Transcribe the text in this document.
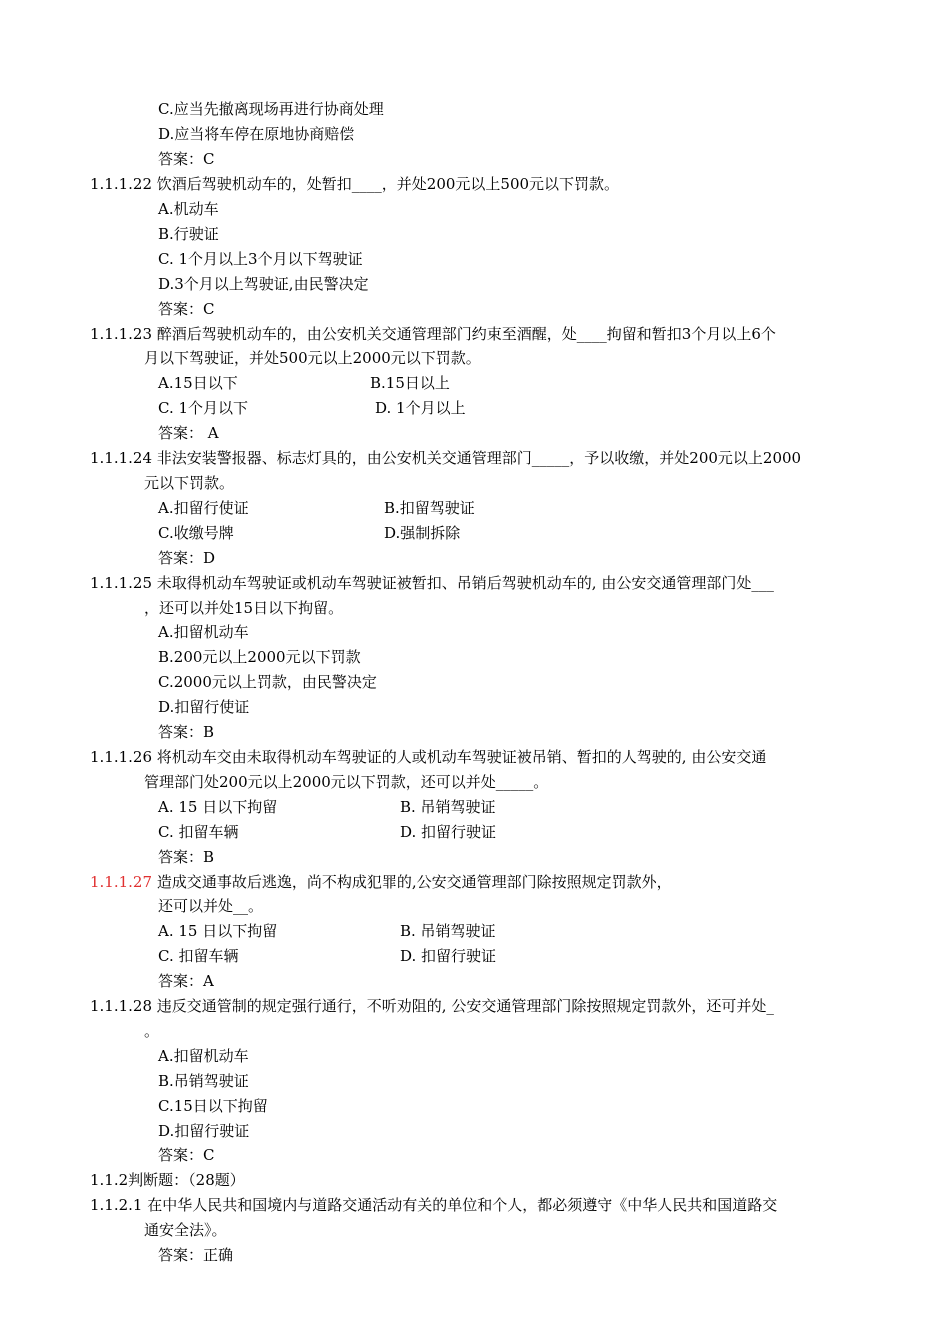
C.应当先撤离现场再进行协商处理
D.应当将车停在原地协商赔偿
答案：C
1.1.1.22 饮酒后驾驶机动车的，处暂扣____，并处200元以上500元以下罚款。
A.机动车
B.行驶证
C. 1个月以上3个月以下驾驶证
D.3个月以上驾驶证,由民警决定
答案：C
1.1.1.23 醉酒后驾驶机动车的，由公安机关交通管理部门约束至酒醒，处____拘留和暂扣3个月以上6个
月以下驾驶证，并处500元以上2000元以下罚款。
A.15日以下	B.15日以上
C. 1个月以下	D. 1个月以上
答案： A
1.1.1.24 非法安装警报器、标志灯具的，由公安机关交通管理部门_____，予以收缴，并处200元以上2000
元以下罚款。
A.扣留行使证	B.扣留驾驶证
C.收缴号牌	D.强制拆除
答案：D
1.1.1.25 未取得机动车驾驶证或机动车驾驶证被暂扣、吊销后驾驶机动车的, 由公安交通管理部门处___
，还可以并处15日以下拘留。
A.扣留机动车
B.200元以上2000元以下罚款
C.2000元以上罚款，由民警决定
D.扣留行使证
答案：B
1.1.1.26 将机动车交由未取得机动车驾驶证的人或机动车驾驶证被吊销、暂扣的人驾驶的, 由公安交通
管理部门处200元以上2000元以下罚款，还可以并处_____。
A. 15 日以下拘留	B. 吊销驾驶证
C. 扣留车辆	D. 扣留行驶证
答案：B
1.1.1.27 造成交通事故后逃逸，尚不构成犯罪的,公安交通管理部门除按照规定罚款外，
还可以并处__。
A. 15 日以下拘留	B. 吊销驾驶证
C. 扣留车辆	D. 扣留行驶证
答案：A
1.1.1.28 违反交通管制的规定强行通行，不听劝阻的, 公安交通管理部门除按照规定罚款外，还可并处_
。
A.扣留机动车
B.吊销驾驶证
C.15日以下拘留
D.扣留行驶证
答案：C
1.1.2判断题：（28题）
1.1.2.1 在中华人民共和国境内与道路交通活动有关的单位和个人，都必须遵守《中华人民共和国道路交
通安全法》。
答案：正确
